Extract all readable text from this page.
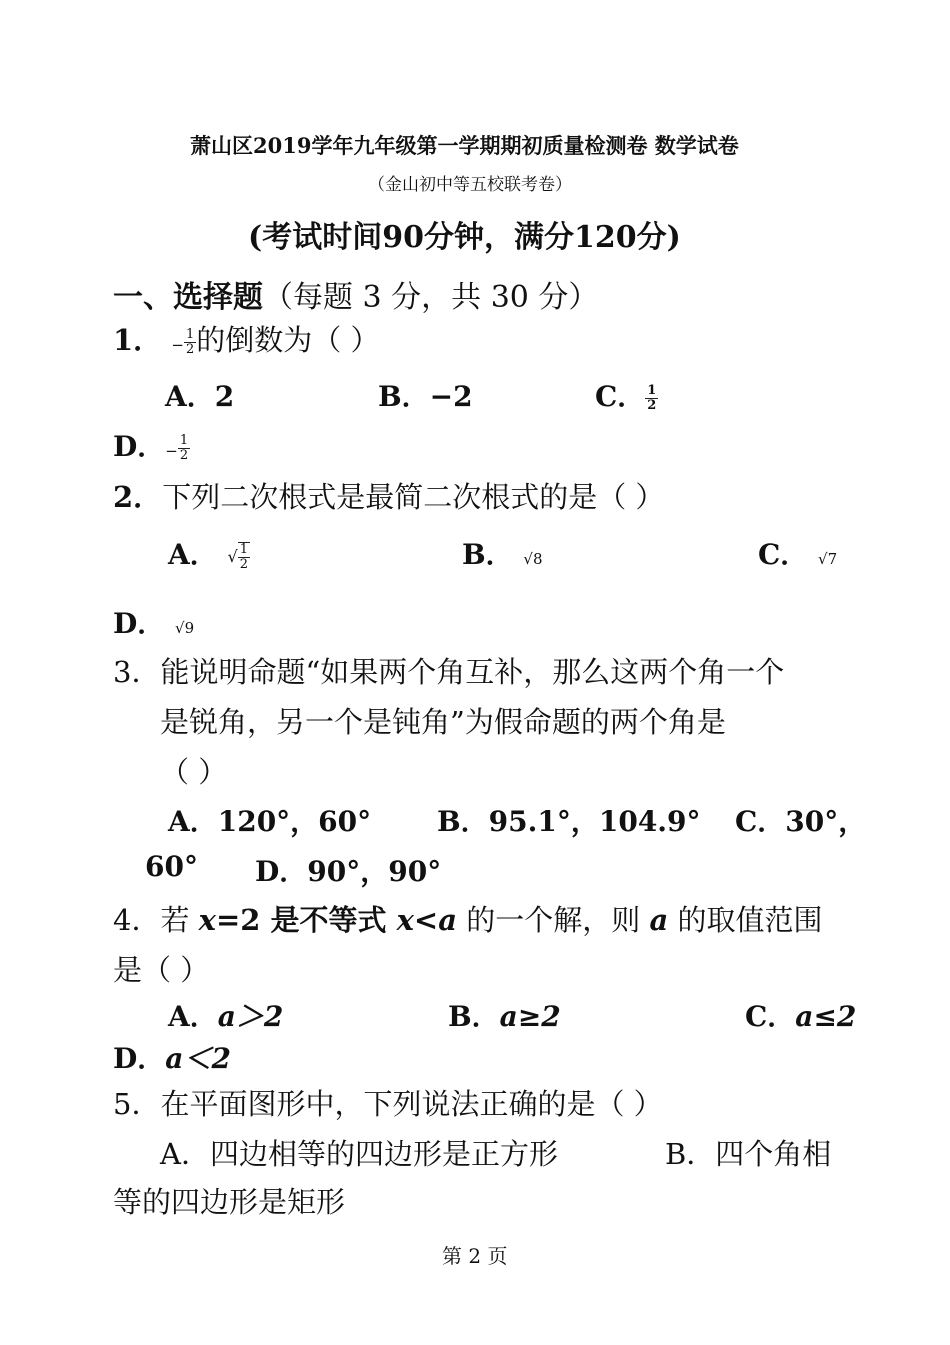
萧山区2019学年九年级第一学期期初质量检测卷 数学试卷
（金山初中等五校联考卷）
(考试时间90分钟，满分120分)
一、选择题（每题 3 分，共 30 分）
1． − $\frac{1}{2}$ 的倒数为（ ）
A．2	B．−2	C． $\frac{1}{2}$
D．− $\frac{1}{2}$
2．下列二次根式是最简二次根式的是（ ）
A． √ $\frac{1}{2}$	B． √8	C． √7
D． √9
3．能说明命题“如果两个角互补，那么这两个角一个
是锐角，另一个是钝角”为假命题的两个角是
（ ）
A．120°，60° B．95.1°，104.9° C．30°，
60° D．90°，90°
4．若 x=2 是不等式 x<a 的一个解，则 a 的取值范围
是（ ）
A．a＞2	B．a≥2	C．a≤2
D．a＜2
5．在平面图形中，下列说法正确的是（ ）
A．四边相等的四边形是正方形	B．四个角相
等的四边形是矩形
第 2 页
